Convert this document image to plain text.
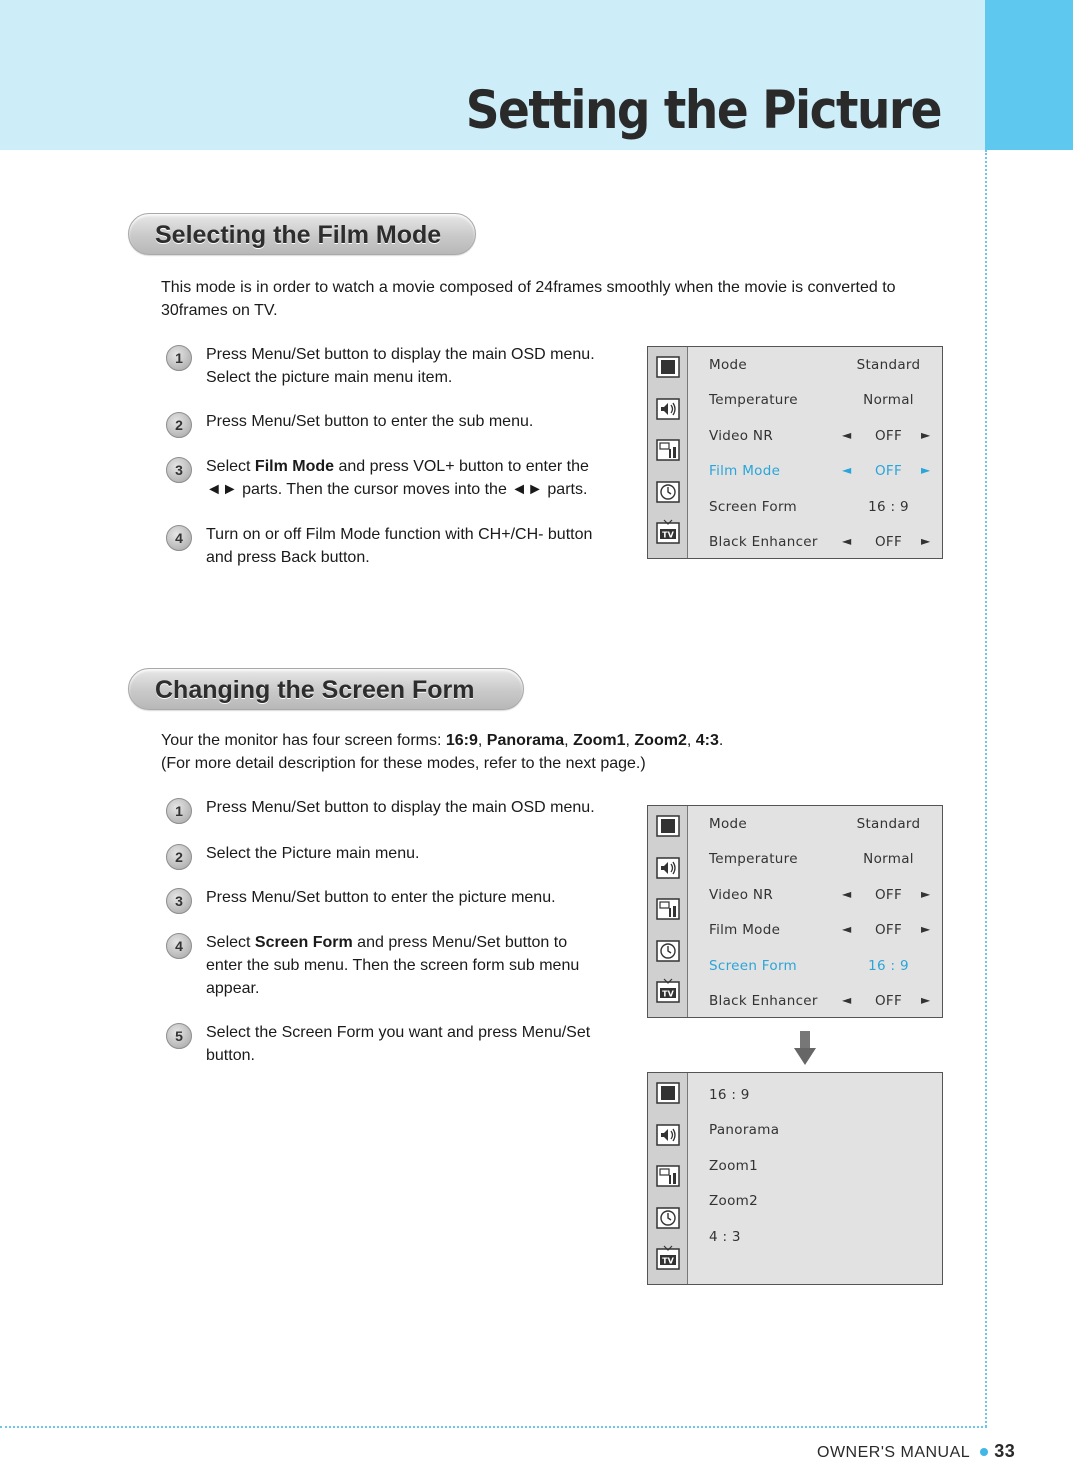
Setting the Picture
Selecting the Film Mode
This mode is in order to watch a movie composed of 24frames smoothly when the movie is converted to
30frames on TV.
1	Press Menu/Set button to display the main OSD menu.
Select the picture main menu item.
2	Press Menu/Set button to enter the sub menu.
3	Select Film Mode and press VOL+ button to enter the
◄► parts. Then the cursor moves into the ◄► parts.
4	Turn on or off Film Mode function with CH+/CH- button
and press Back button.
TV
Mode	Standard
Temperature	Normal
Video NR	◄	OFF	►
Film Mode	◄	OFF	►
Screen Form	16 : 9
Black Enhancer ◄	OFF	►
Changing the Screen Form
Your the monitor has four screen forms: 16:9, Panorama, Zoom1, Zoom2, 4:3.
(For more detail description for these modes, refer to the next page.)
1	Press Menu/Set button to display the main OSD menu.
2	Select the Picture main menu.
3	Press Menu/Set button to enter the picture menu.
4	Select Screen Form and press Menu/Set button to
enter the sub menu. Then the screen form sub menu
appear.
5	Select the Screen Form you want and press Menu/Set
button.
TV
Mode	Standard
Temperature	Normal
Video NR	◄	OFF	►
Film Mode	◄	OFF	►
Screen Form	16 : 9
Black Enhancer ◄	OFF	►
TV
16 : 9
Panorama
Zoom1
Zoom2
4 : 3
OWNER'S MANUAL 33
